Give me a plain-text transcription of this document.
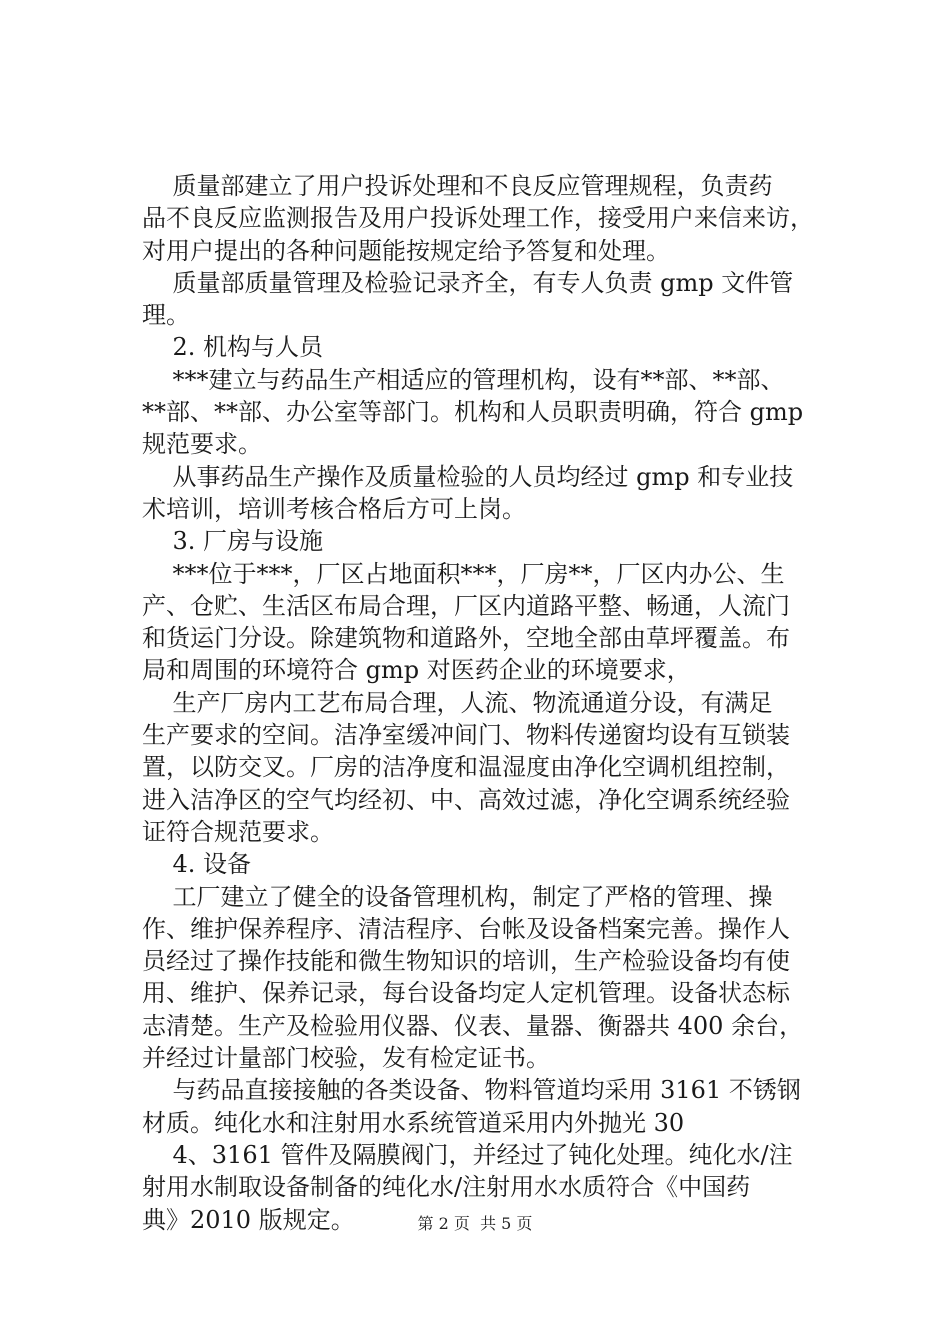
质量部建立了用户投诉处理和不良反应管理规程，负责药
品不良反应监测报告及用户投诉处理工作，接受用户来信来访，
对用户提出的各种问题能按规定给予答复和处理。
质量部质量管理及检验记录齐全，有专人负责 gmp 文件管
理。
2. 机构与人员
***建立与药品生产相适应的管理机构，设有**部、**部、
**部、**部、办公室等部门。机构和人员职责明确，符合 gmp
规范要求。
从事药品生产操作及质量检验的人员均经过 gmp 和专业技
术培训，培训考核合格后方可上岗。
3. 厂房与设施
***位于***，厂区占地面积***，厂房**，厂区内办公、生
产、仓贮、生活区布局合理，厂区内道路平整、畅通，人流门
和货运门分设。除建筑物和道路外，空地全部由草坪覆盖。布
局和周围的环境符合 gmp 对医药企业的环境要求，
生产厂房内工艺布局合理，人流、物流通道分设，有满足
生产要求的空间。洁净室缓冲间门、物料传递窗均设有互锁装
置，以防交叉。厂房的洁净度和温湿度由净化空调机组控制，
进入洁净区的空气均经初、中、高效过滤，净化空调系统经验
证符合规范要求。
4. 设备
工厂建立了健全的设备管理机构，制定了严格的管理、操
作、维护保养程序、清洁程序、台帐及设备档案完善。操作人
员经过了操作技能和微生物知识的培训，生产检验设备均有使
用、维护、保养记录，每台设备均定人定机管理。设备状态标
志清楚。生产及检验用仪器、仪表、量器、衡器共 400 余台，
并经过计量部门校验，发有检定证书。
与药品直接接触的各类设备、物料管道均采用 3161 不锈钢
材质。纯化水和注射用水系统管道采用内外抛光 30
4、3161 管件及隔膜阀门，并经过了钝化处理。纯化水/注
射用水制取设备制备的纯化水/注射用水水质符合《中国药
典》2010 版规定。	第 2 页  共 5 页
